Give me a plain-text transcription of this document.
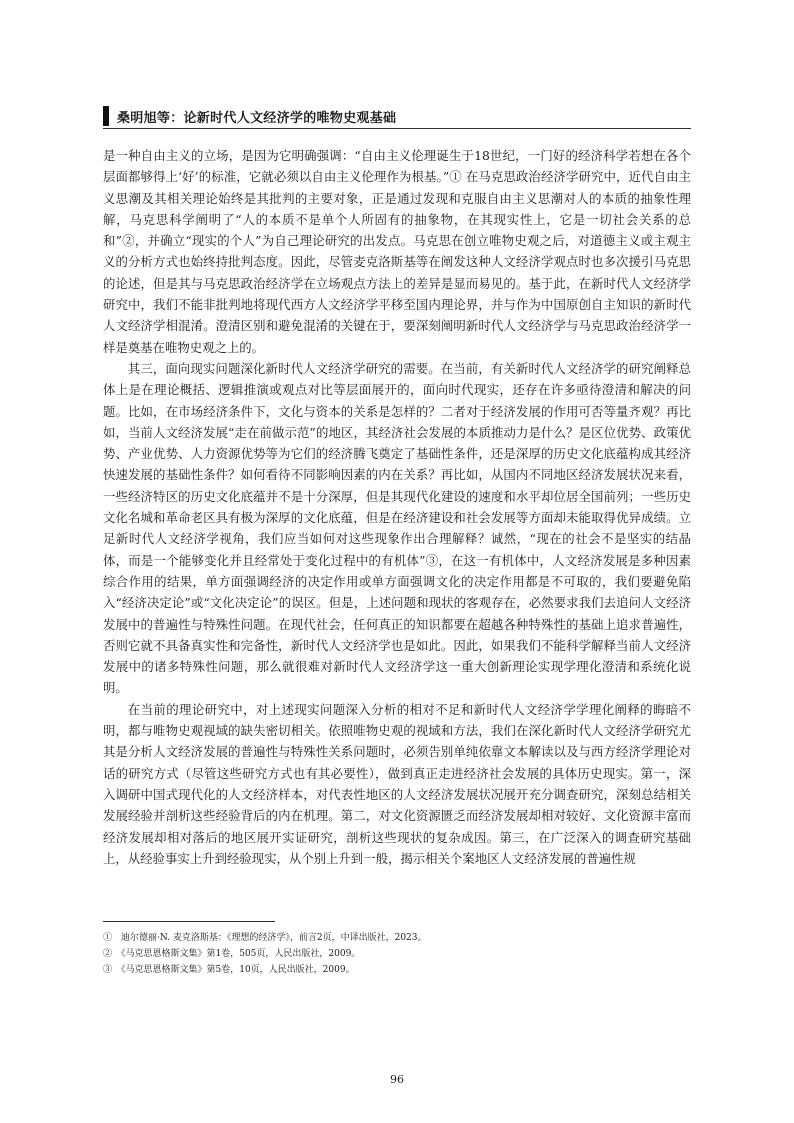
桑明旭等：论新时代人文经济学的唯物史观基础

是一种自由主义的立场，是因为它明确强调：“自由主义伦理诞生于18世纪，一门好的经济科学若想在各个层面都够得上‘好’的标准，它就必须以自由主义伦理作为根基。”① 在马克思政治经济学研究中，近代自由主义思潮及其相关理论始终是其批判的主要对象，正是通过发现和克服自由主义思潮对人的本质的抽象性理解，马克思科学阐明了“人的本质不是单个人所固有的抽象物，在其现实性上，它是一切社会关系的总和”②，并确立“现实的个人”为自己理论研究的出发点。马克思在创立唯物史观之后，对道德主义或主观主义的分析方式也始终持批判态度。因此，尽管麦克洛斯基等在阐发这种人文经济学观点时也多次援引马克思的论述，但是其与马克思政治经济学在立场观点方法上的差异是显而易见的。基于此，在新时代人文经济学研究中，我们不能非批判地将现代西方人文经济学平移至国内理论界，并与作为中国原创自主知识的新时代人文经济学相混淆。澄清区别和避免混淆的关键在于，要深刻阐明新时代人文经济学与马克思政治经济学一样是奠基在唯物史观之上的。

其三，面向现实问题深化新时代人文经济学研究的需要。在当前，有关新时代人文经济学的研究阐释总体上是在理论概括、逻辑推演或观点对比等层面展开的，面向时代现实，还存在许多亟待澄清和解决的问题。比如，在市场经济条件下，文化与资本的关系是怎样的？二者对于经济发展的作用可否等量齐观？再比如，当前人文经济发展“走在前做示范”的地区，其经济社会发展的本质推动力是什么？是区位优势、政策优势、产业优势、人力资源优势等为它们的经济腾飞奠定了基础性条件，还是深厚的历史文化底蕴构成其经济快速发展的基础性条件？如何看待不同影响因素的内在关系？再比如，从国内不同地区经济发展状况来看，一些经济特区的历史文化底蕴并不是十分深厚，但是其现代化建设的速度和水平却位居全国前列；一些历史文化名城和革命老区具有极为深厚的文化底蕴，但是在经济建设和社会发展等方面却未能取得优异成绩。立足新时代人文经济学视角，我们应当如何对这些现象作出合理解释？诚然，“现在的社会不是坚实的结晶体，而是一个能够变化并且经常处于变化过程中的有机体”③，在这一有机体中，人文经济发展是多种因素综合作用的结果，单方面强调经济的决定作用或单方面强调文化的决定作用都是不可取的，我们要避免陷入“经济决定论”或“文化决定论”的误区。但是，上述问题和现状的客观存在，必然要求我们去追问人文经济发展中的普遍性与特殊性问题。在现代社会，任何真正的知识都要在超越各种特殊性的基础上追求普遍性，否则它就不具备真实性和完备性，新时代人文经济学也是如此。因此，如果我们不能科学解释当前人文经济发展中的诸多特殊性问题，那么就很难对新时代人文经济学这一重大创新理论实现学理化澄清和系统化说明。

在当前的理论研究中，对上述现实问题深入分析的相对不足和新时代人文经济学学理化阐释的晦暗不明，都与唯物史观视域的缺失密切相关。依照唯物史观的视域和方法，我们在深化新时代人文经济学研究尤其是分析人文经济发展的普遍性与特殊性关系问题时，必须告别单纯依靠文本解读以及与西方经济学理论对话的研究方式（尽管这些研究方式也有其必要性），做到真正走进经济社会发展的具体历史现实。第一，深入调研中国式现代化的人文经济样本，对代表性地区的人文经济发展状况展开充分调查研究，深刻总结相关发展经验并剖析这些经验背后的内在机理。第二，对文化资源匮乏而经济发展却相对较好、文化资源丰富而经济发展却相对落后的地区展开实证研究，剖析这些现状的复杂成因。第三，在广泛深入的调查研究基础上，从经验事实上升到经验现实，从个别上升到一般，揭示相关个案地区人文经济发展的普遍性规

①　迪尔德丽·N. 麦克洛斯基：《理想的经济学》，前言2页，中译出版社，2023。
②　《马克思恩格斯文集》第1卷，505页，人民出版社，2009。
③　《马克思恩格斯文集》第5卷，10页，人民出版社，2009。
96
